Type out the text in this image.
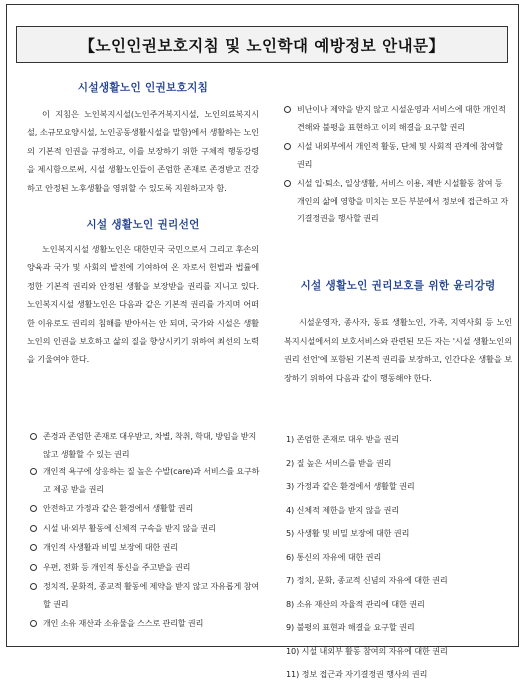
【노인인권보호지침 및 노인학대 예방정보 안내문】
시설생활노인 인권보호지침

이 지침은 노인복지시설(노인주거복지시설, 노인의료복지시설, 소규모요양시설, 노인공동생활시설을 말함)에서 생활하는 노인의 기본적 인권을 규정하고, 이를 보장하기 위한 구체적 행동강령을 제시함으로써, 시설 생활노인들이 존엄한 존재로 존경받고 건강하고 안정된 노후생활을 영위할 수 있도록 지원하고자 함.

시설 생활노인 권리선언

노인복지시설 생활노인은 대한민국 국민으로서 그리고 후손의 양육과 국가 및 사회의 발전에 기여하여 온 자로서 헌법과 법률에 정한 기본적 권리와 안정된 생활을 보장받을 권리를 지니고 있다. 노인복지시설 생활노인은 다음과 같은 기본적 권리를 가지며 어떠한 이유로도 권리의 침해를 받아서는 안 되며, 국가와 시설은 생활노인의 인권을 보호하고 삶의 질을 향상시키기 위하여 최선의 노력을 기울여야 한다.

존경과 존엄한 존재로 대우받고, 차별, 착취, 학대, 방임을 받지 않고 생활할 수 있는 권리
개인적 욕구에 상응하는 질 높은 수발(care)과 서비스를 요구하고 제공 받을 권리
안전하고 가정과 같은 환경에서 생활할 권리
시설 내·외부 활동에 신체적 구속을 받지 않을 권리
개인적 사생활과 비밀 보장에 대한 권리
우편, 전화 등 개인적 통신을 주고받을 권리
정치적, 문화적, 종교적 활동에 제약을 받지 않고 자유롭게 참여할 권리
개인 소유 재산과 소유물을 스스로 관리할 권리
비난이나 제약을 받지 않고 시설운영과 서비스에 대한 개인적 견해와 불평을 표현하고 이의 해결을 요구할 권리
시설 내외부에서 개인적 활동, 단체 및 사회적 관계에 참여할 권리
시설 입·퇴소, 일상생활, 서비스 이용, 제반 시설활동 참여 등 개인의 삶에 영향을 미치는 모든 부분에서 정보에 접근하고 자기결정권을 행사할 권리
시설 생활노인 권리보호를 위한 윤리강령

시설운영자, 종사자, 동료 생활노인, 가족, 지역사회 등 노인복지시설에서의 보호서비스와 관련된 모든 자는 '시설 생활노인의 권리 선언'에 포함된 기본적 권리를 보장하고, 인간다운 생활을 보장하기 위하여 다음과 같이 행동해야 한다.

1) 존엄한 존재로 대우 받을 권리
2) 질 높은 서비스를 받을 권리
3) 가정과 같은 환경에서 생활할 권리
4) 신체적 제한을 받지 않을 권리
5) 사생활 및 비밀 보장에 대한 권리
6) 통신의 자유에 대한 권리
7) 정치, 문화, 종교적 신념의 자유에 대한 권리
8) 소유 재산의 자율적 관리에 대한 권리
9) 불평의 표현과 해결을 요구할 권리
10) 시설 내외부 활동 참여의 자유에 대한 권리
11) 정보 접근과 자기결정권 행사의 권리
